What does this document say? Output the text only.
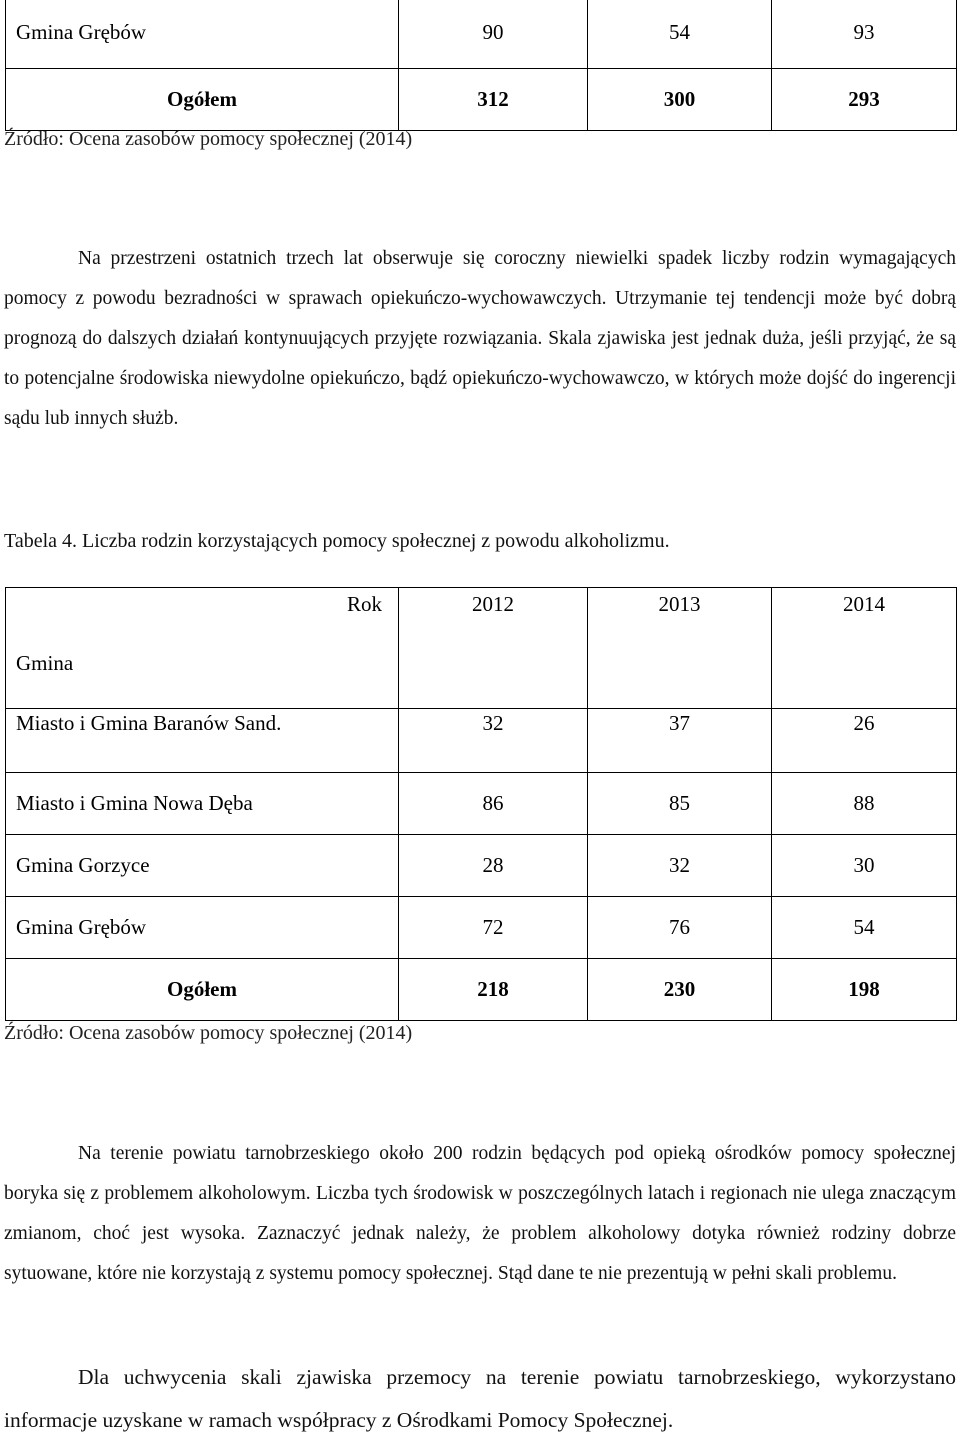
Gmina Grębów	90	54	93
Ogółem	312	300	293
Źródło: Ocena zasobów pomocy społecznej (2014)
Na przestrzeni ostatnich trzech lat obserwuje się coroczny niewielki spadek liczby rodzin wymagających pomocy z powodu bezradności w sprawach opiekuńczo-wychowawczych. Utrzymanie tej tendencji może być dobrą prognozą do dalszych działań kontynuujących przyjęte rozwiązania. Skala zjawiska jest jednak duża, jeśli przyjąć, że są to potencjalne środowiska niewydolne opiekuńczo, bądź opiekuńczo-wychowawczo, w których może dojść do ingerencji sądu lub innych służb.
Tabela 4. Liczba rodzin korzystających pomocy społecznej z powodu alkoholizmu.
Rok
Gmina	2012	2013	2014

Miasto i Gmina Baranów Sand.	32	37	26
Miasto i Gmina Nowa Dęba	86	85	88
Gmina Gorzyce	28	32	30
Gmina Grębów	72	76	54
Ogółem	218	230	198
Źródło: Ocena zasobów pomocy społecznej (2014)
Na terenie powiatu tarnobrzeskiego około 200 rodzin będących pod opieką ośrodków pomocy społecznej boryka się z problemem alkoholowym. Liczba tych środowisk w poszczególnych latach i regionach nie ulega znaczącym zmianom, choć jest wysoka. Zaznaczyć jednak należy, że problem alkoholowy dotyka również rodziny dobrze sytuowane, które nie korzystają z systemu pomocy społecznej. Stąd dane te nie prezentują w pełni skali problemu.
Dla uchwycenia skali zjawiska przemocy na terenie powiatu tarnobrzeskiego, wykorzystano informacje uzyskane w ramach współpracy z Ośrodkami Pomocy Społecznej.
